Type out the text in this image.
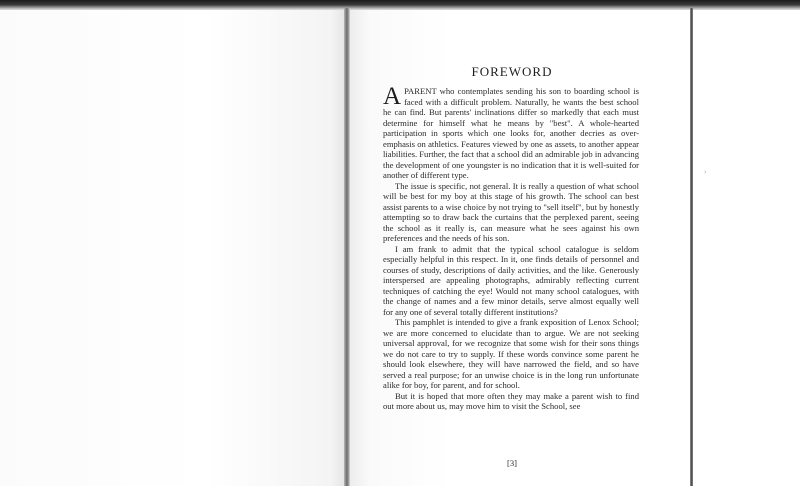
›
FOREWORD

APARENT who contemplates sending his son to boarding school is faced with a difficult problem. Naturally, he wants the best school he can find. But parents' inclinations differ so markedly that each must determine for himself what he means by "best". A whole-hearted participation in sports which one looks for, another decries as over-emphasis on athletics. Features viewed by one as assets, to another appear liabilities. Further, the fact that a school did an admirable job in advancing the development of one youngster is no indication that it is well-suited for another of different type.

The issue is specific, not general. It is really a question of what school will be best for my boy at this stage of his growth. The school can best assist parents to a wise choice by not trying to "sell itself", but by honestly attempting so to draw back the curtains that the perplexed parent, seeing the school as it really is, can measure what he sees against his own preferences and the needs of his son.

I am frank to admit that the typical school catalogue is seldom especially helpful in this respect. In it, one finds details of personnel and courses of study, descriptions of daily activities, and the like. Generously interspersed are appealing photographs, admirably reflecting current techniques of catching the eye! Would not many school catalogues, with the change of names and a few minor details, serve almost equally well for any one of several totally different institutions?

This pamphlet is intended to give a frank exposition of Lenox School; we are more concerned to elucidate than to argue. We are not seeking universal approval, for we recognize that some wish for their sons things we do not care to try to supply. If these words convince some parent he should look elsewhere, they will have narrowed the field, and so have served a real purpose; for an unwise choice is in the long run unfortunate alike for boy, for parent, and for school.

But it is hoped that more often they may make a parent wish to find out more about us, may move him to visit the School, see

[3]
